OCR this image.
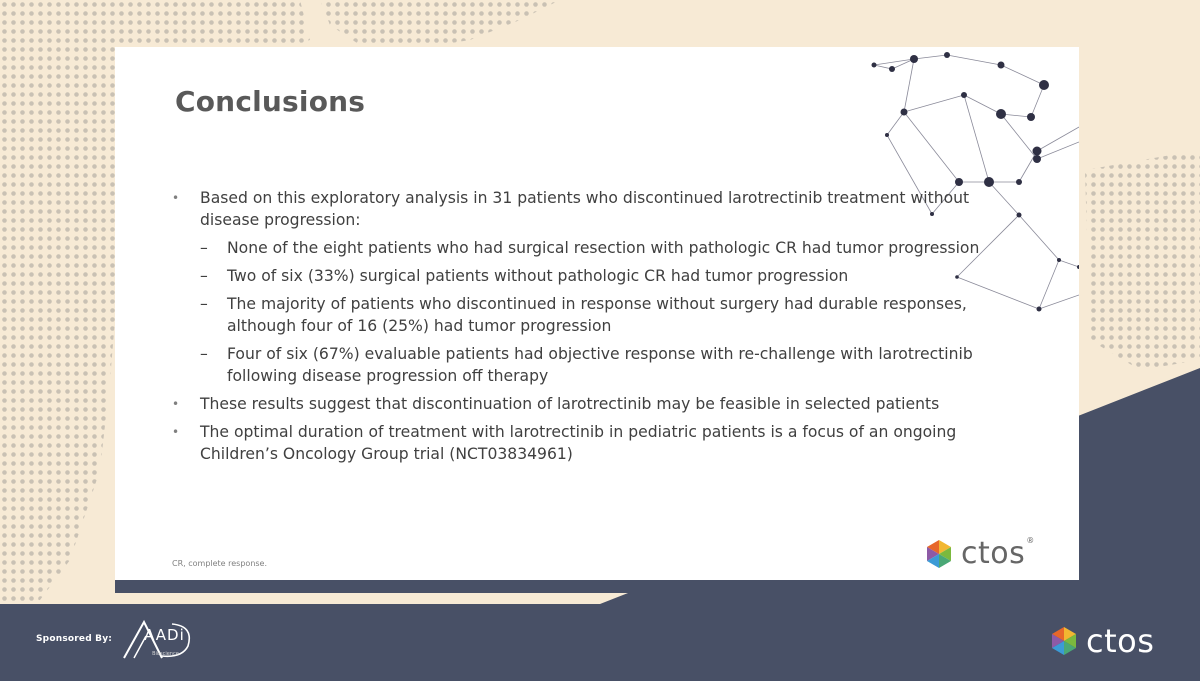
Conclusions
• Based on this exploratory analysis in 31 patients who discontinued larotrectinib treatment without disease progression:
– None of the eight patients who had surgical resection with pathologic CR had tumor progression
– Two of six (33%) surgical patients without pathologic CR had tumor progression
– The majority of patients who discontinued in response without surgery had durable responses, although four of 16 (25%) had tumor progression
– Four of six (67%) evaluable patients had objective response with re-challenge with larotrectinib following disease progression off therapy
• These results suggest that discontinuation of larotrectinib may be feasible in selected patients
• The optimal duration of treatment with larotrectinib in pediatric patients is a focus of an ongoing Children’s Oncology Group trial (NCT03834961)

CR, complete response.	ctos®
Sponsored By: AADi
Bioscience	ctos
